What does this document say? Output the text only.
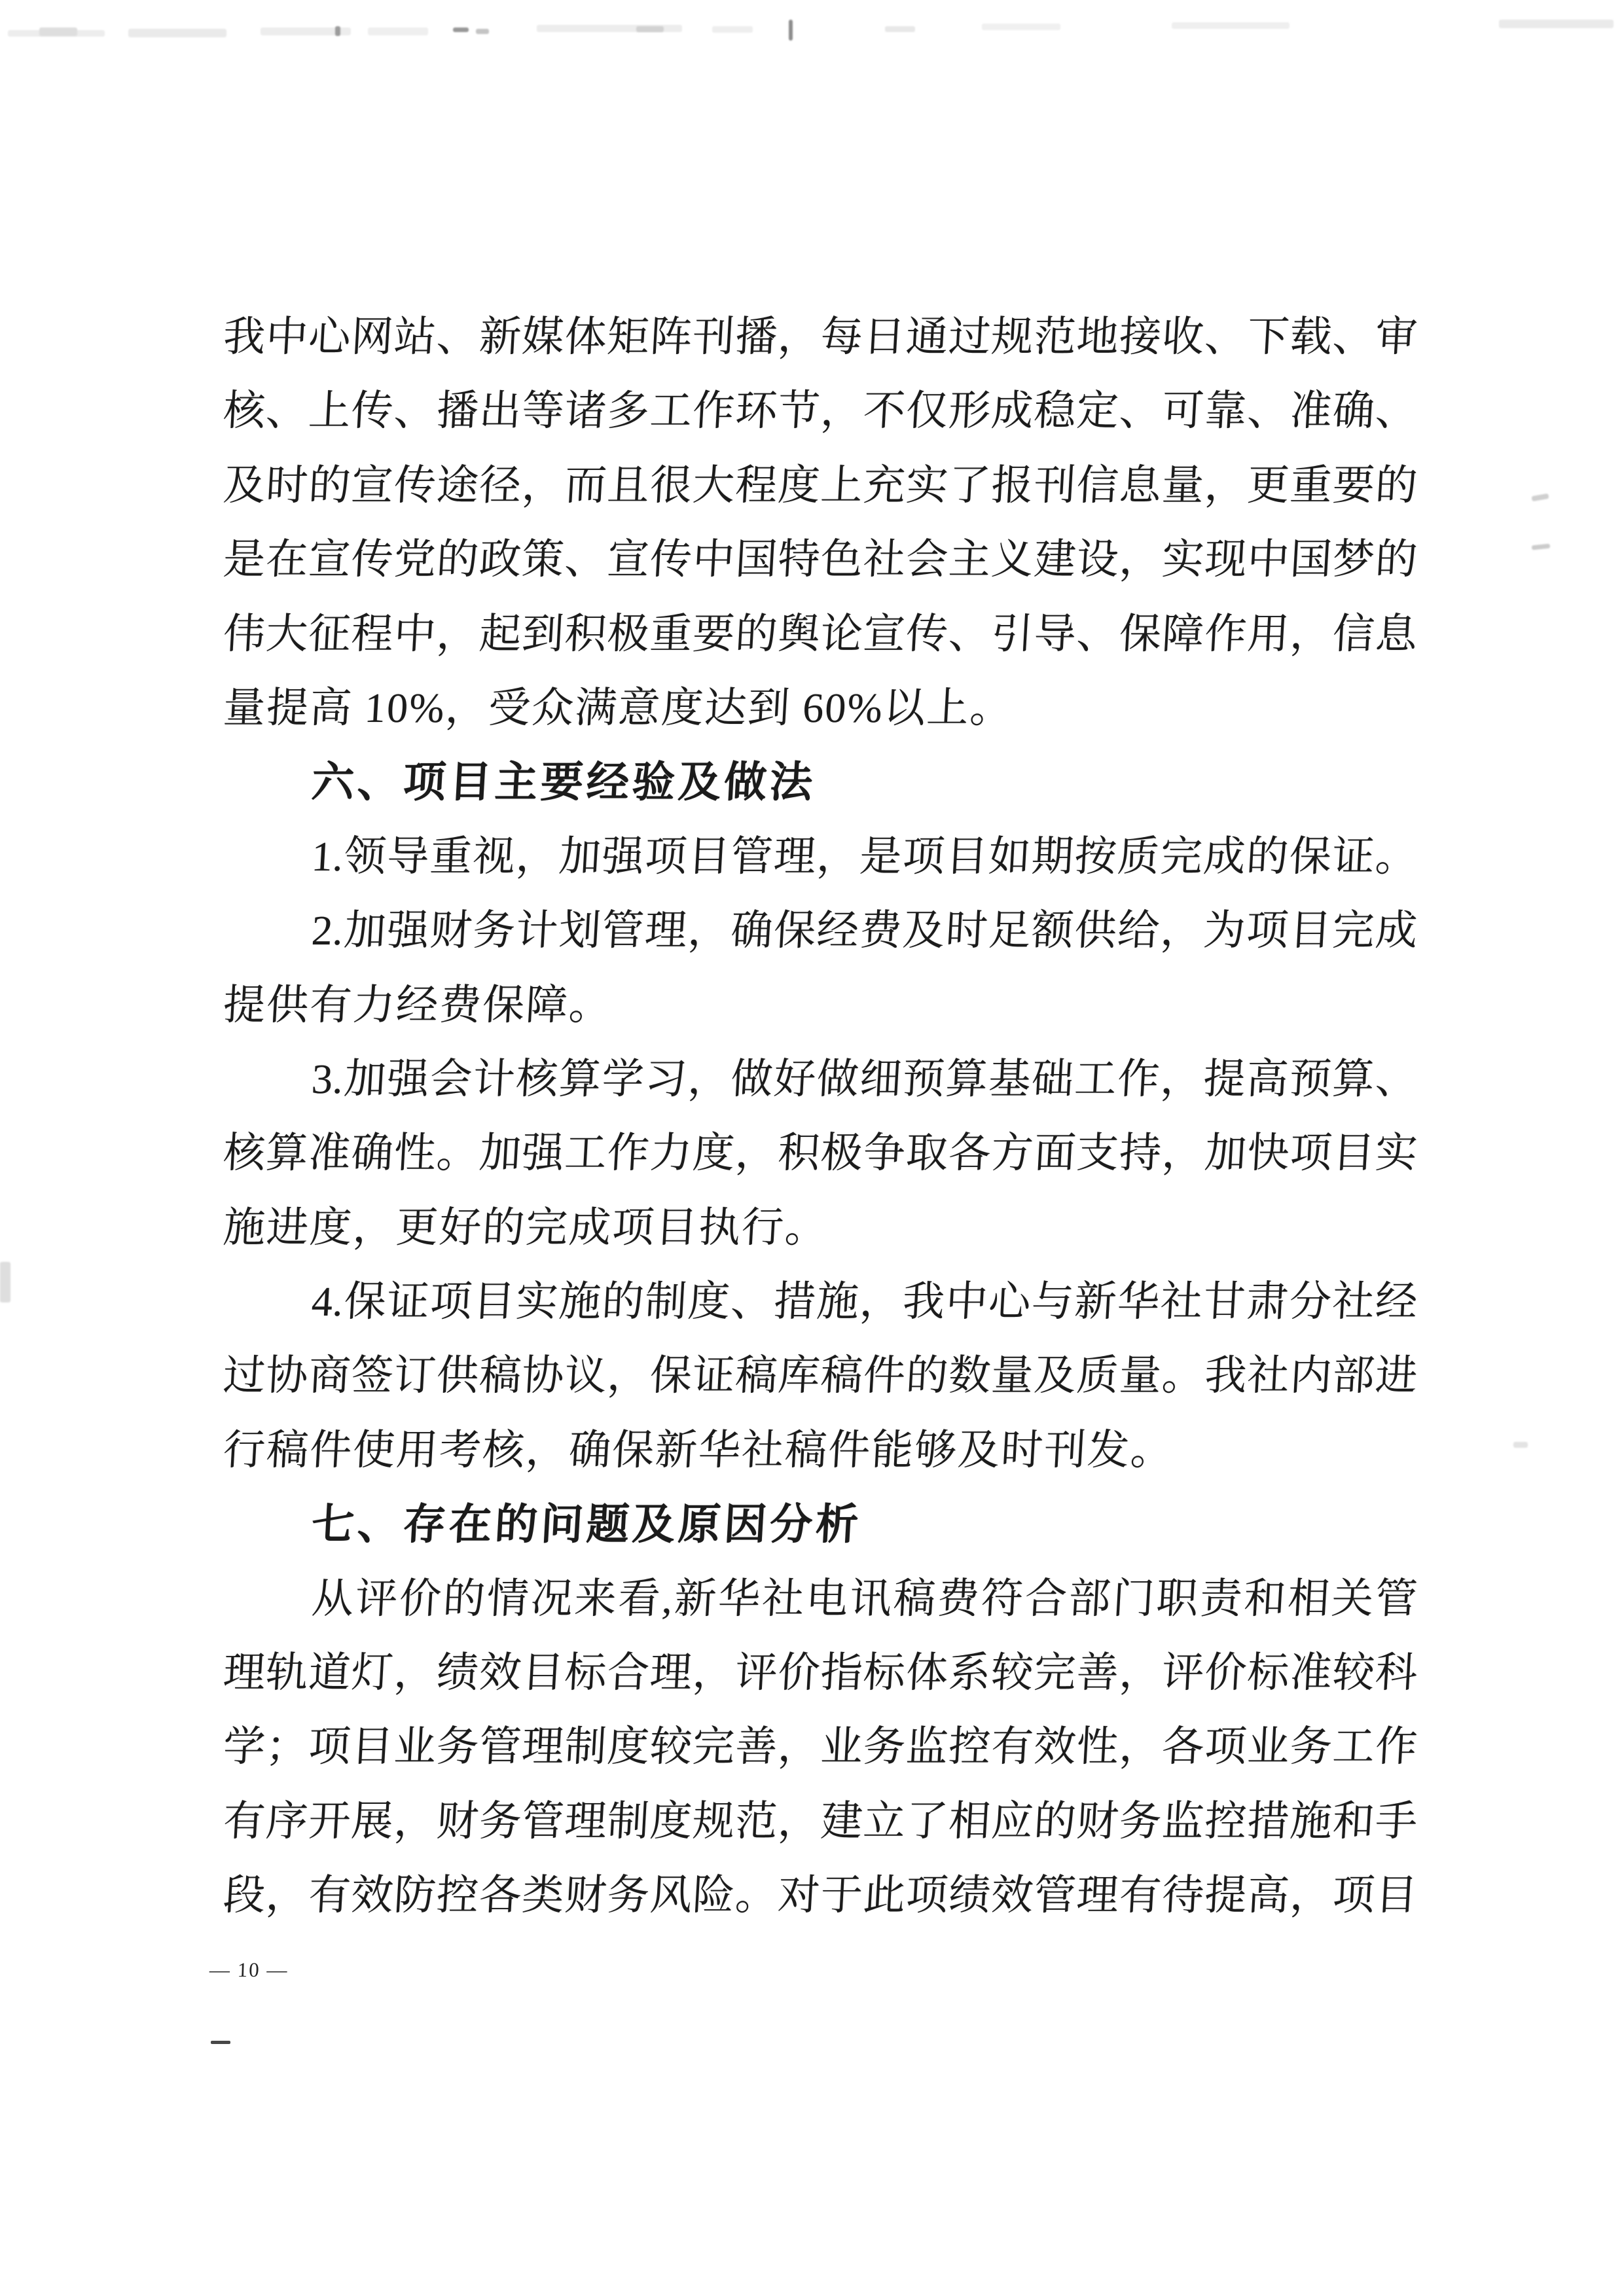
我中心网站、新媒体矩阵刊播，每日通过规范地接收、下载、审
核、上传、播出等诸多工作环节，不仅形成稳定、可靠、准确、
及时的宣传途径，而且很大程度上充实了报刊信息量，更重要的
是在宣传党的政策、宣传中国特色社会主义建设，实现中国梦的
伟大征程中，起到积极重要的舆论宣传、引导、保障作用，信息
量提高 10%，受众满意度达到 60%以上。
六、项目主要经验及做法
1.领导重视，加强项目管理，是项目如期按质完成的保证。
2.加强财务计划管理，确保经费及时足额供给，为项目完成
提供有力经费保障。
3.加强会计核算学习，做好做细预算基础工作，提高预算、
核算准确性。加强工作力度，积极争取各方面支持，加快项目实
施进度，更好的完成项目执行。
4.保证项目实施的制度、措施，我中心与新华社甘肃分社经
过协商签订供稿协议，保证稿库稿件的数量及质量。我社内部进
行稿件使用考核，确保新华社稿件能够及时刊发。
七、存在的问题及原因分析
从评价的情况来看,新华社电讯稿费符合部门职责和相关管
理轨道灯，绩效目标合理，评价指标体系较完善，评价标准较科
学；项目业务管理制度较完善，业务监控有效性，各项业务工作
有序开展，财务管理制度规范，建立了相应的财务监控措施和手
段，有效防控各类财务风险。对于此项绩效管理有待提高，项目
— 10 —
